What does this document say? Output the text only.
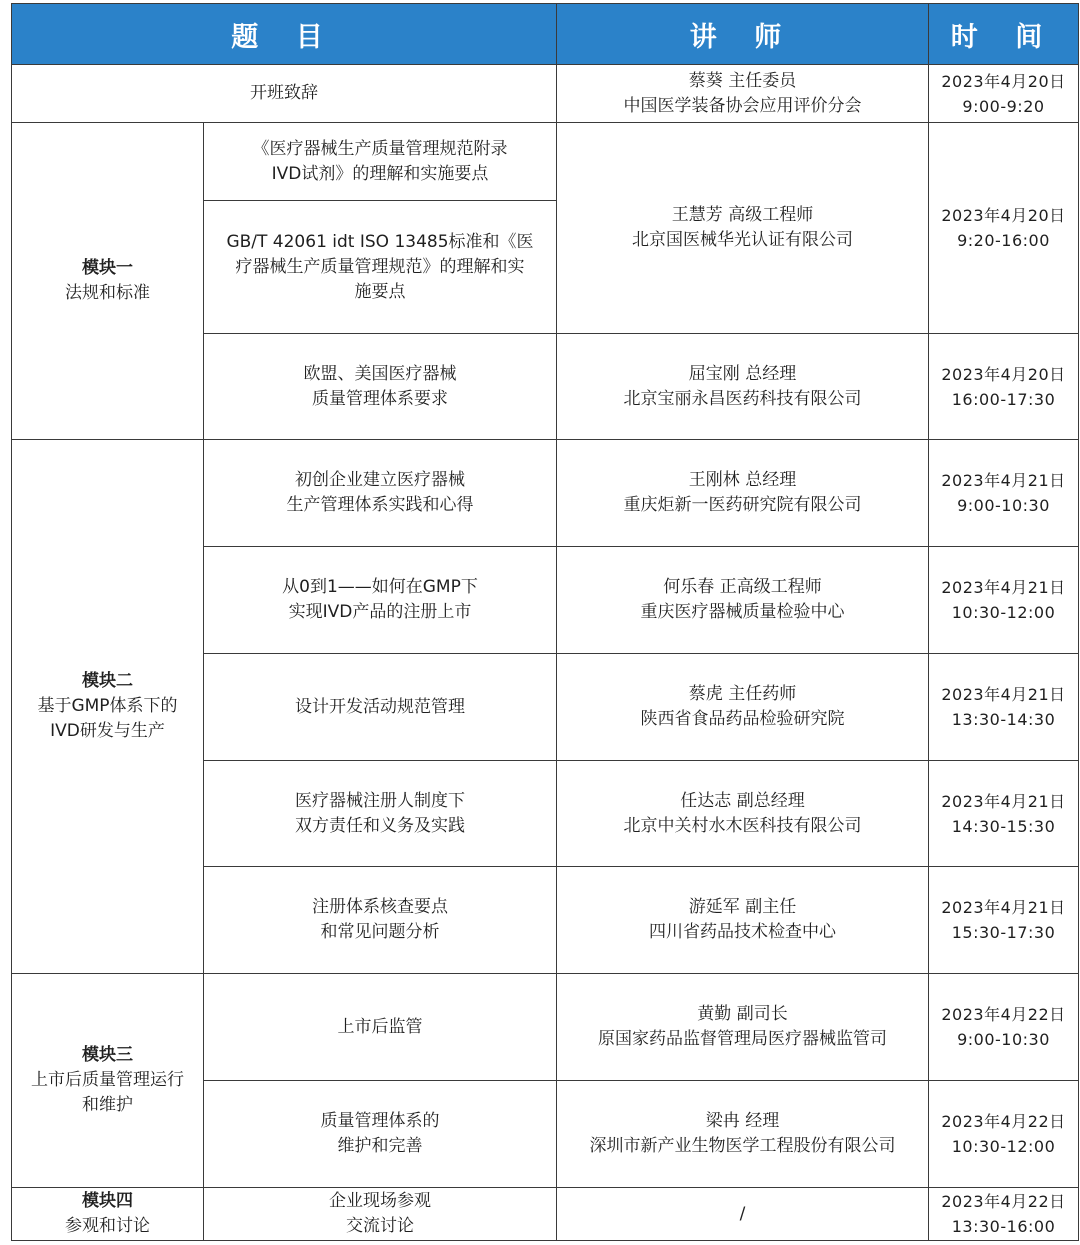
题 目		讲 师	时 间

开班致辞		蔡葵 主任委员
中国医学装备协会应用评价分会	2023年4月20日
9:00-9:20

模块一
法规和标准	《医疗器械生产质量管理规范附录
IVD试剂》的理解和实施要点	王慧芳 高级工程师
北京国医械华光认证有限公司	2023年4月20日
9:20-16:00

	GB/T 42061 idt ISO 13485标准和《医
疗器械生产质量管理规范》的理解和实
施要点		

	欧盟、美国医疗器械
质量管理体系要求	屈宝刚 总经理
北京宝丽永昌医药科技有限公司	2023年4月20日
16:00-17:30

模块二
基于GMP体系下的
IVD研发与生产	初创企业建立医疗器械
生产管理体系实践和心得	王刚林 总经理
重庆炬新一医药研究院有限公司	2023年4月21日
9:00-10:30

	从0到1——如何在GMP下
实现IVD产品的注册上市	何乐春 正高级工程师
重庆医疗器械质量检验中心	2023年4月21日
10:30-12:00

	设计开发活动规范管理	蔡虎 主任药师
陕西省食品药品检验研究院	2023年4月21日
13:30-14:30

	医疗器械注册人制度下
双方责任和义务及实践	任达志 副总经理
北京中关村水木医科技有限公司	2023年4月21日
14:30-15:30

	注册体系核查要点
和常见问题分析	游延军 副主任
四川省药品技术检查中心	2023年4月21日
15:30-17:30

模块三
上市后质量管理运行
和维护	上市后监管	黄勤 副司长
原国家药品监督管理局医疗器械监管司	2023年4月22日
9:00-10:30

	质量管理体系的
维护和完善	梁冉 经理
深圳市新产业生物医学工程股份有限公司	2023年4月22日
10:30-12:00

模块四
参观和讨论	企业现场参观
交流讨论	/	2023年4月22日
13:30-16:00
